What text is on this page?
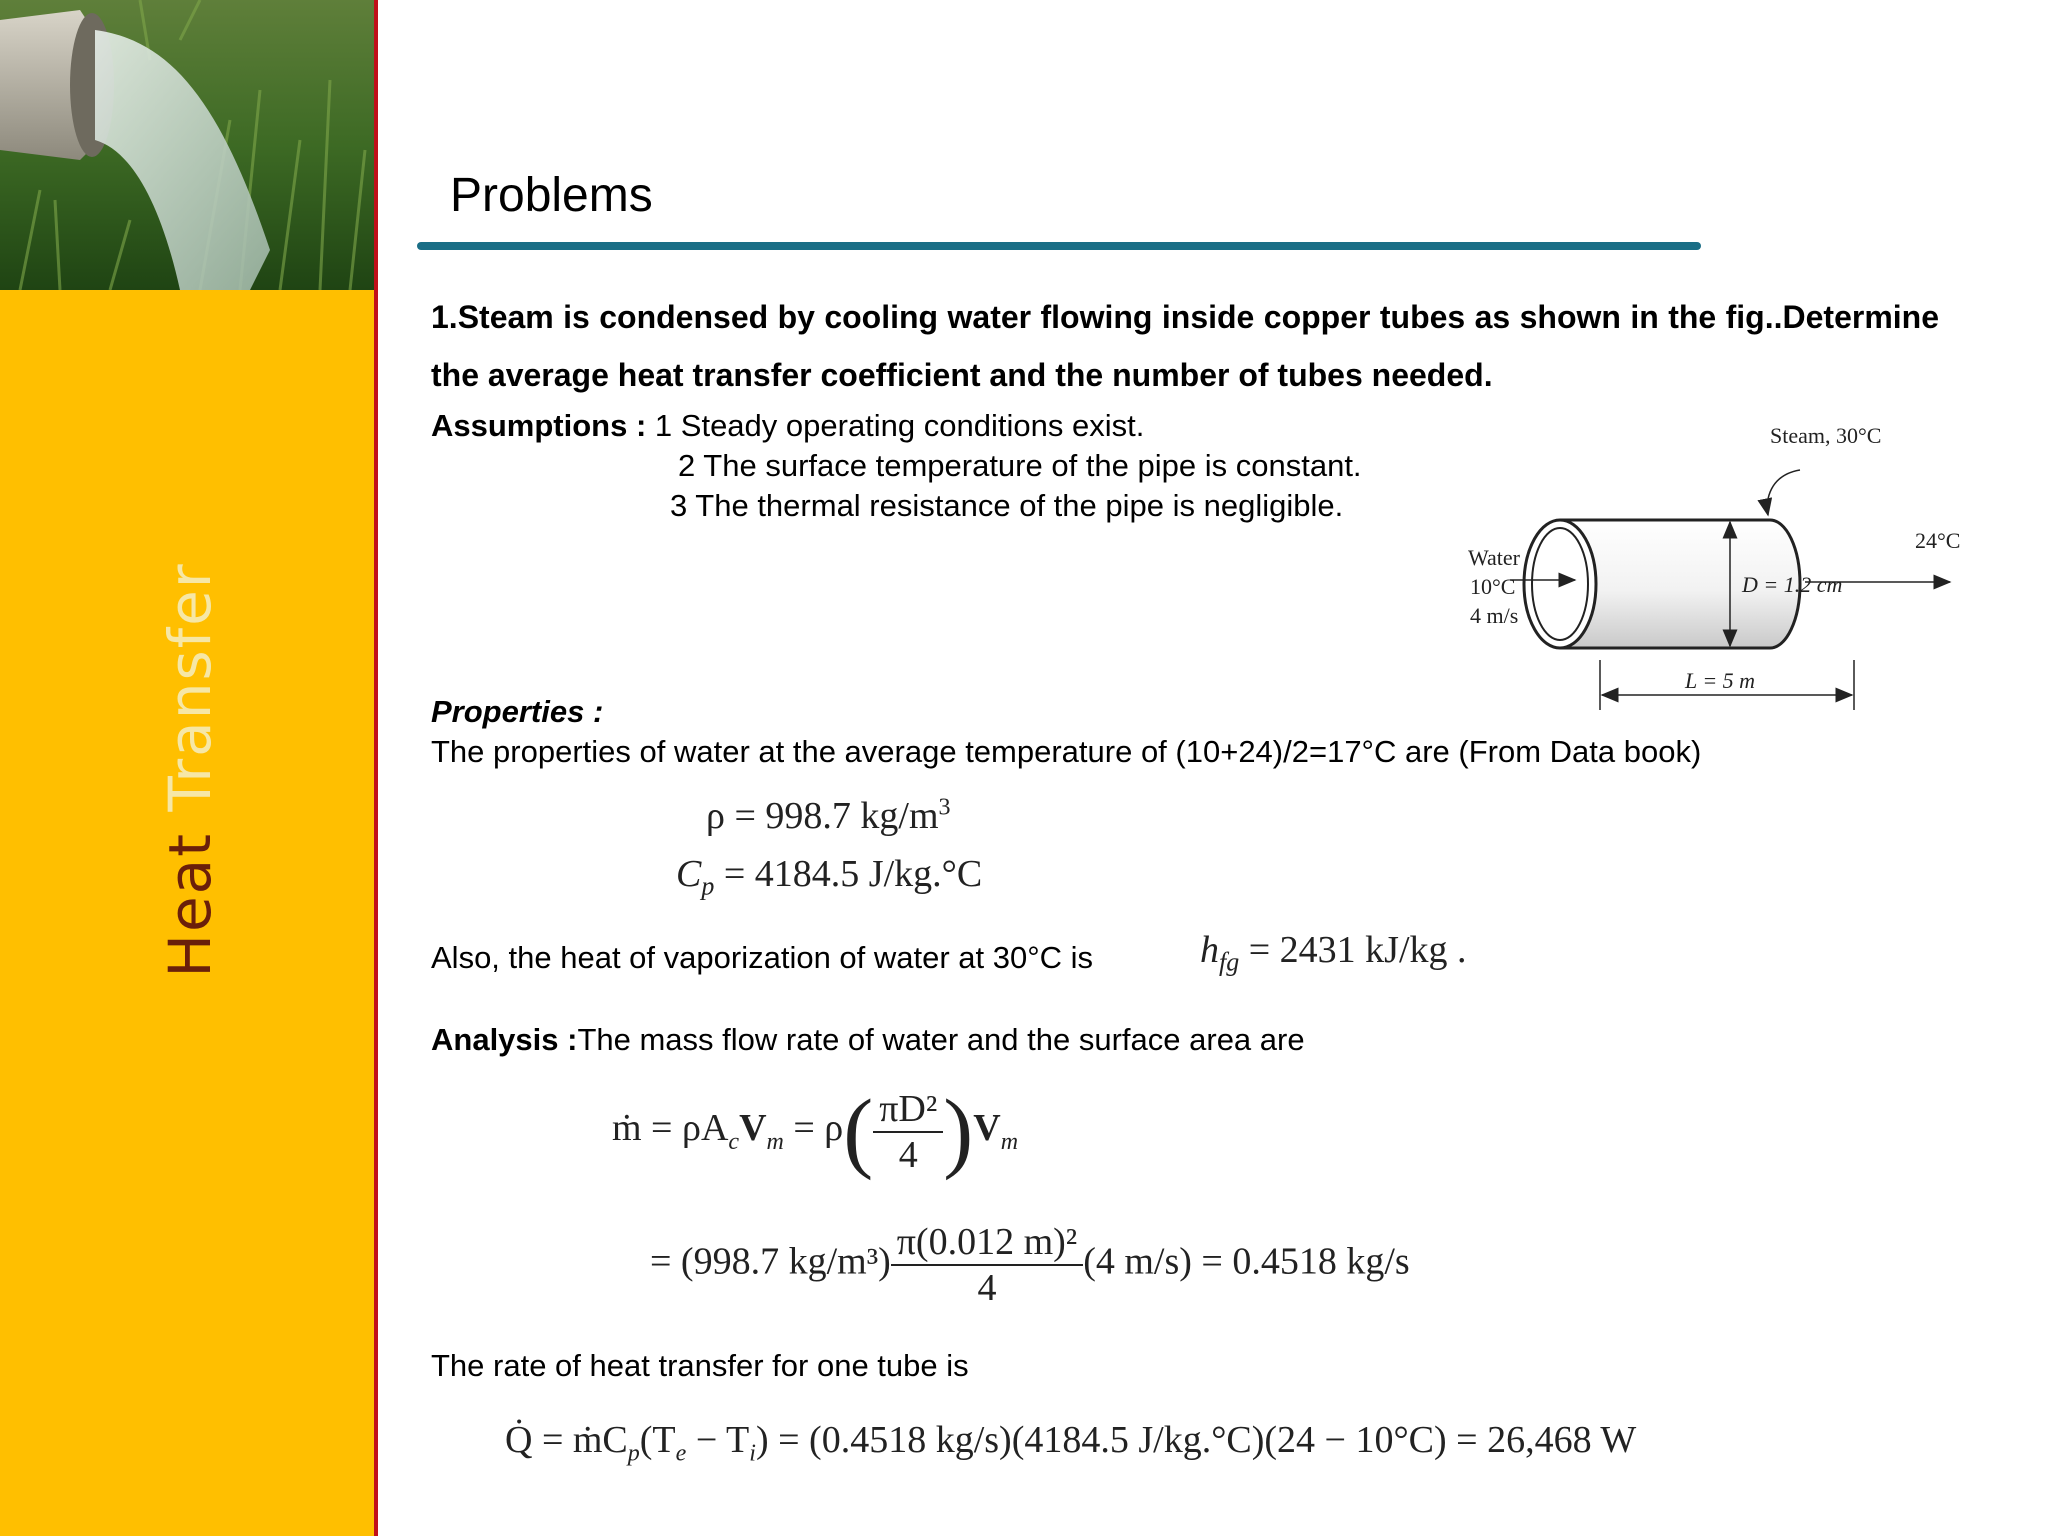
Heat Transfer
Problems
1.Steam is condensed by cooling water flowing inside copper tubes as shown in the fig..Determine the average heat transfer coefficient and the number of tubes needed.
Assumptions : 1 Steady operating conditions exist.
2 The surface temperature of the pipe is constant.
3 The thermal resistance of the pipe is negligible.
Steam, 30°C
Water
10°C
4 m/s
D = 1.2 cm
24°C
L = 5 m
Properties :
The properties of water at the average temperature of (10+24)/2=17°C are (From Data book)
ρ = 998.7 $kg/m^3$
$C_p = 4184.5$ J/kg.°C
Also, the heat of vaporization of water at 30°C is	$h_{fg} = 2431$ kJ/kg .
Analysis :The mass flow rate of water and the surface area are
ṁ = $\rho A_cV_m = \rho( \frac{\text{πD²}}{4} )V_m$
= (998.7 $kg/m^3) \frac{\text{π(0.012 m)²}}{4} (4$ m/s) = 0.4518 kg/s
The rate of heat transfer for one tube is
Q̇ = $ṁC_p(T_e - T_i) = (0.4518$ kg/s)(4184.5 J/kg.°C)(24 − 10°C) = 26,468 W
